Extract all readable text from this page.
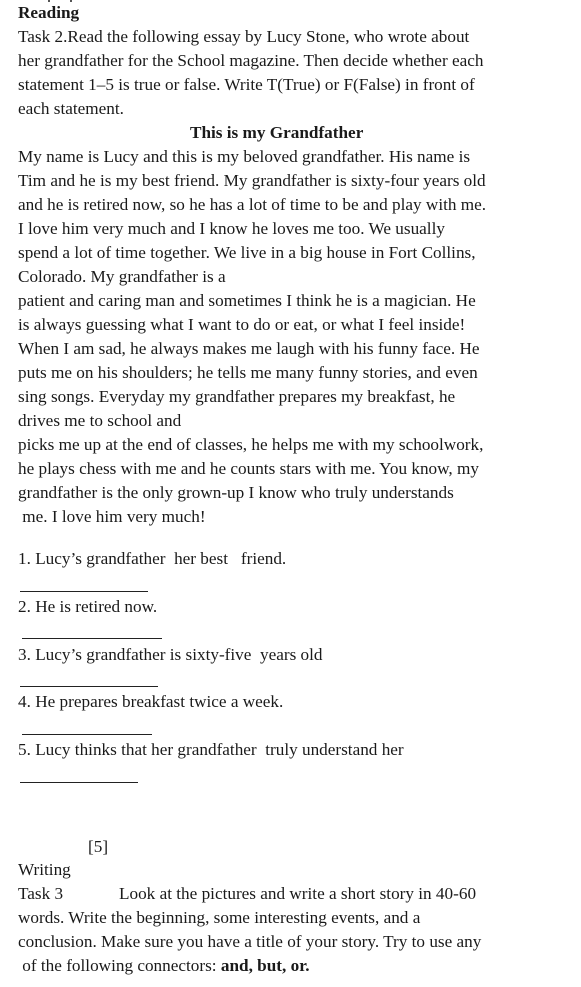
Reading
Task 2.Read the following essay by Lucy Stone, who wrote about
her grandfather for the School magazine. Then decide whether each
statement 1–5 is true or false. Write T(True) or F(False) in front of
each statement.
This is my Grandfather
My name is Lucy and this is my beloved grandfather. His name is
Tim and he is my best friend. My grandfather is sixty-four years old
and he is retired now, so he has a lot of time to be and play with me.
I love him very much and I know he loves me too. We usually
spend a lot of time together. We live in a big house in Fort Collins,
Colorado. My grandfather is a
patient and caring man and sometimes I think he is a magician. He
is always guessing what I want to do or eat, or what I feel inside!
When I am sad, he always makes me laugh with his funny face. He
puts me on his shoulders; he tells me many funny stories, and even
sing songs. Everyday my grandfather prepares my breakfast, he
drives me to school and
picks me up at the end of classes, he helps me with my schoolwork,
he plays chess with me and he counts stars with me. You know, my
grandfather is the only grown-up I know who truly understands
me. I love him very much!
1. Lucy’s grandfather  her best   friend.
2. He is retired now.
3. Lucy’s grandfather is sixty-five  years old
4. He prepares breakfast twice a week.
5. Lucy thinks that her grandfather  truly understand her
[5]
Writing
Task 3	Look at the pictures and write a short story in 40-60
words. Write the beginning, some interesting events, and a
conclusion. Make sure you have a title of your story. Try to use any
of the following connectors: and, but, or.
